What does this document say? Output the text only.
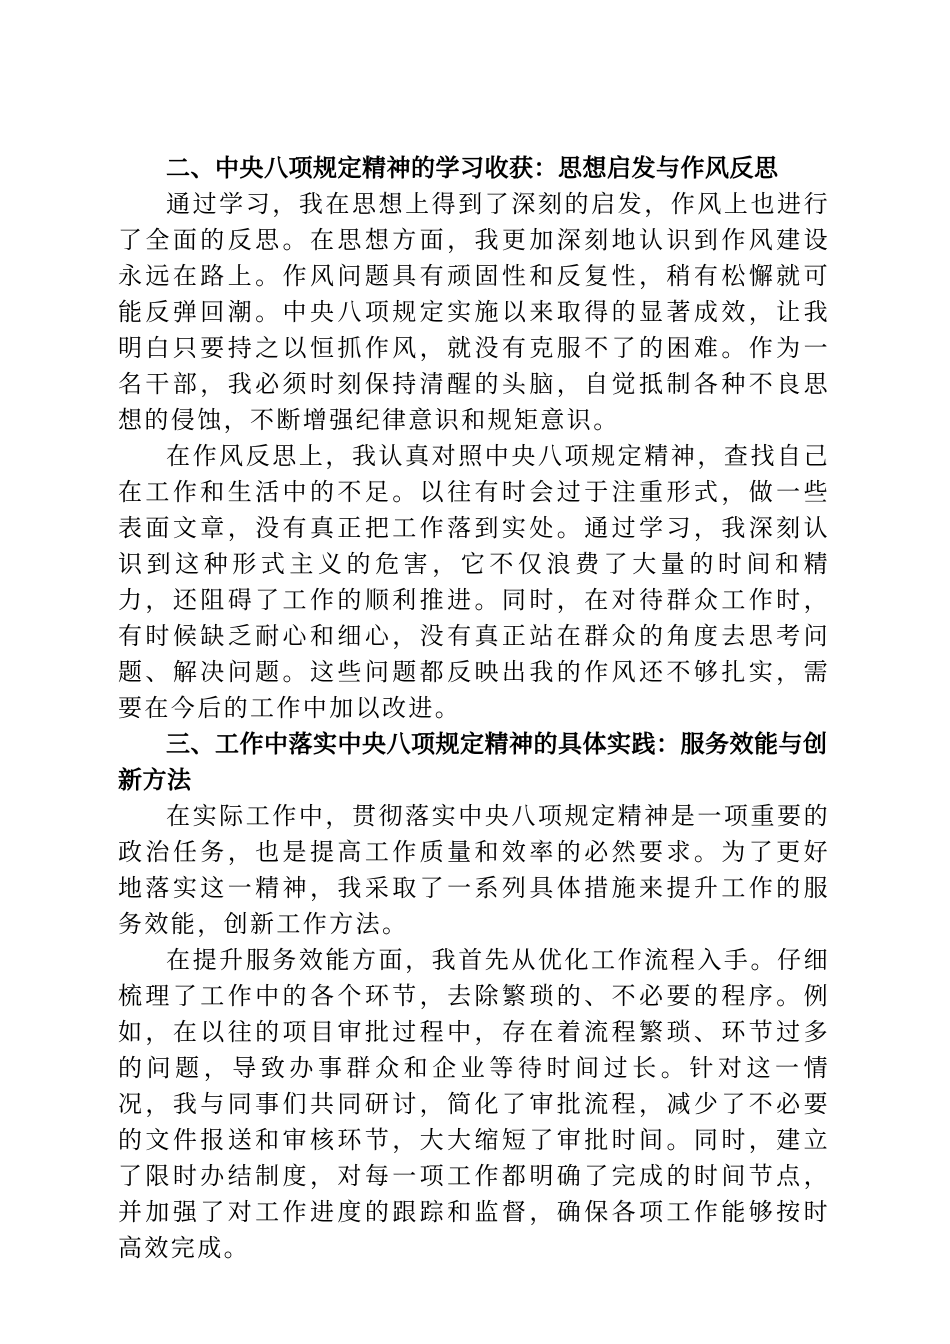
二、中央八项规定精神的学习收获：思想启发与作风反思

通过学习，我在思想上得到了深刻的启发，作风上也进行了全面的反思。在思想方面，我更加深刻地认识到作风建设永远在路上。作风问题具有顽固性和反复性，稍有松懈就可能反弹回潮。中央八项规定实施以来取得的显著成效，让我明白只要持之以恒抓作风，就没有克服不了的困难。作为一名干部，我必须时刻保持清醒的头脑，自觉抵制各种不良思想的侵蚀，不断增强纪律意识和规矩意识。

在作风反思上，我认真对照中央八项规定精神，查找自己在工作和生活中的不足。以往有时会过于注重形式，做一些表面文章，没有真正把工作落到实处。通过学习，我深刻认识到这种形式主义的危害，它不仅浪费了大量的时间和精力，还阻碍了工作的顺利推进。同时，在对待群众工作时，有时候缺乏耐心和细心，没有真正站在群众的角度去思考问题、解决问题。这些问题都反映出我的作风还不够扎实，需要在今后的工作中加以改进。

三、工作中落实中央八项规定精神的具体实践：服务效能与创新方法

在实际工作中，贯彻落实中央八项规定精神是一项重要的政治任务，也是提高工作质量和效率的必然要求。为了更好地落实这一精神，我采取了一系列具体措施来提升工作的服务效能，创新工作方法。

在提升服务效能方面，我首先从优化工作流程入手。仔细梳理了工作中的各个环节，去除繁琐的、不必要的程序。例如，在以往的项目审批过程中，存在着流程繁琐、环节过多的问题，导致办事群众和企业等待时间过长。针对这一情况，我与同事们共同研讨，简化了审批流程，减少了不必要的文件报送和审核环节，大大缩短了审批时间。同时，建立了限时办结制度，对每一项工作都明确了完成的时间节点，并加强了对工作进度的跟踪和监督，确保各项工作能够按时高效完成。
